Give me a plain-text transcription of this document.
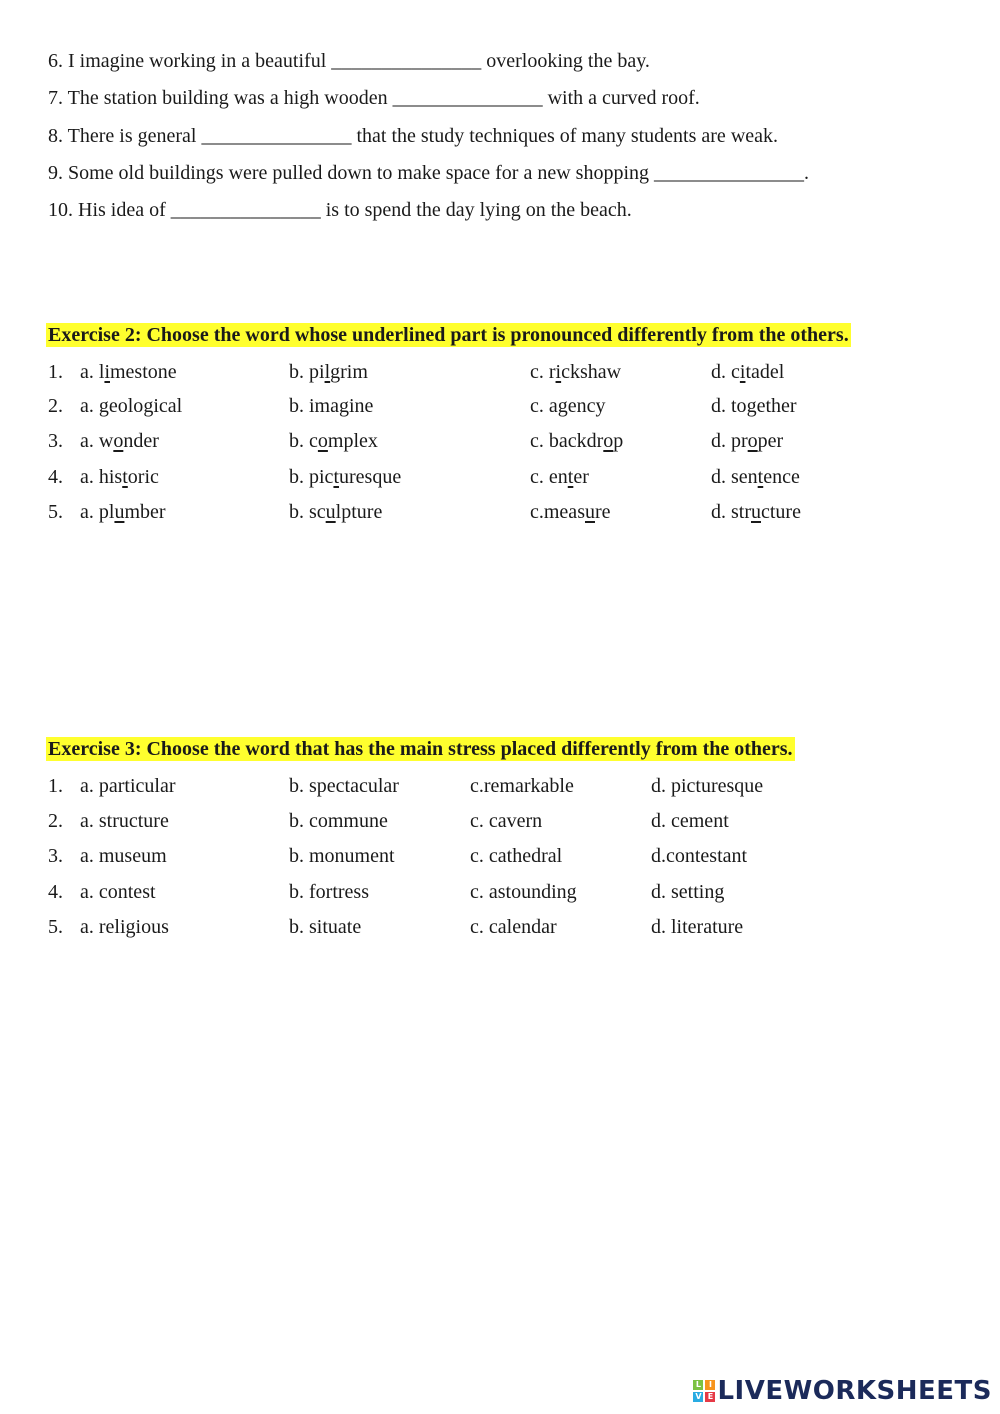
6. I imagine working in a beautiful _______________ overlooking the bay.
7. The station building was a high wooden _______________ with a curved roof.
8. There is general _______________ that the study techniques of many students are weak.
9. Some old buildings were pulled down to make space for a new shopping _______________.
10. His idea of _______________ is to spend the day lying on the beach.
Exercise 2: Choose the word whose underlined part is pronounced differently from the others.
1. a. limestone	b. pilgrim	c. rickshaw	d. citadel
2. a. geological	b. imagine	c. agency	d. together
3. a. wonder	b. complex	c. backdrop	d. proper
4. a. historic	b. picturesque	c. enter	d. sentence
5. a. plumber	b. sculpture	c.measure	d. structure
Exercise 3: Choose the word that has the main stress placed differently from the others.
1. a. particular	b. spectacular	c.remarkable	d. picturesque
2. a. structure	b. commune	c. cavern	d. cement
3. a. museum	b. monument	c. cathedral	d.contestant
4. a. contest	b. fortress	c. astounding	d. setting
5. a. religious	b. situate	c. calendar	d. literature
L I
V E LIVEWORKSHEETS
